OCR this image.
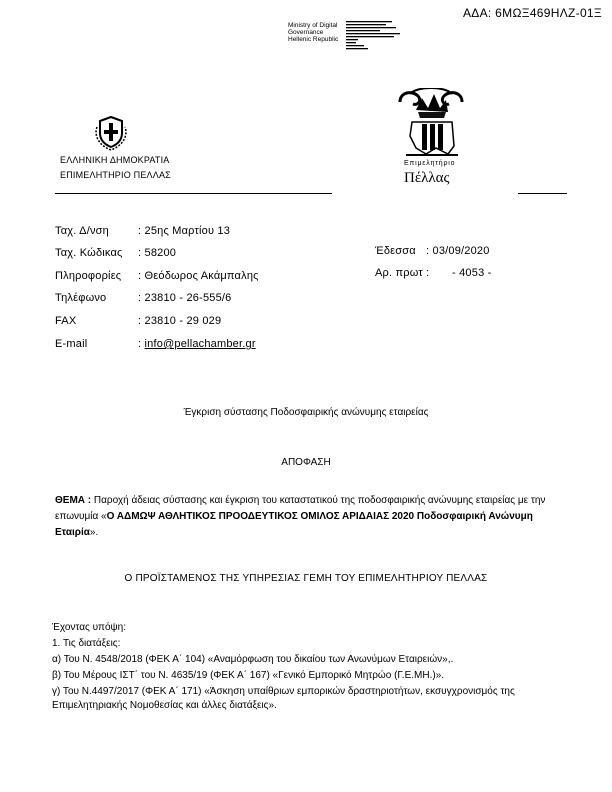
ΑΔΑ: 6ΜΩΞ469ΗΛΖ-01Ξ
Ministry of Digital
Governance
Hellenic Republic
ΕΛΛΗΝΙΚΗ ΔΗΜΟΚΡΑΤΙΑ
ΕΠΙΜΕΛΗΤΗΡΙΟ ΠΕΛΛΑΣ
Επιμελητήριο
Πέλλας
Ταχ. Δ/νση	: 25ης Μαρτίου 13
Ταχ. Κώδικας : 58200
Πληροφορίες : Θεόδωρος Ακάμπαλης
Τηλέφωνο	: 23810 - 26-555/6
FAX	: 23810 - 29 029
E-mail	: info@pellachamber.gr
Έδεσσα : 03/09/2020
Αρ. πρωτ : - 4053 -
Έγκριση σύστασης Ποδοσφαιρικής ανώνυμης εταιρείας
ΑΠΟΦΑΣΗ
ΘΕΜΑ : Παροχή άδειας σύστασης και έγκριση του καταστατικού της ποδοσφαιρικής ανώνυμης εταιρείας με την επωνυμία «Ο ΑΔΜΩΨ ΑΘΛΗΤΙΚΟΣ ΠΡΟΟΔΕΥΤΙΚΟΣ ΟΜΙΛΟΣ ΑΡΙΔΑΙΑΣ 2020 Ποδοσφαιρική Ανώνυμη Εταιρία».
Ο ΠΡΟΪΣΤΑΜΕΝΟΣ ΤΗΣ ΥΠΗΡΕΣΙΑΣ ΓΕΜΗ ΤΟΥ ΕΠΙΜΕΛΗΤΗΡΙΟΥ ΠΕΛΛΑΣ
Έχοντας υπόψη:
1. Τις διατάξεις:
α) Του Ν. 4548/2018 (ΦΕΚ Α΄ 104) «Αναμόρφωση του δικαίου των Ανωνύμων Εταιρειών»,.
β) Του Μέρους ΙΣΤ΄ του Ν. 4635/19 (ΦΕΚ Α΄ 167) «Γενικό Εμπορικό Μητρώο (Γ.Ε.ΜΗ.)».
γ) Του Ν.4497/2017 (ΦΕΚ Α΄ 171) «Άσκηση υπαίθριων εμπορικών δραστηριοτήτων, εκσυγχρονισμός της
Επιμελητηριακής Νομοθεσίας και άλλες διατάξεις».
